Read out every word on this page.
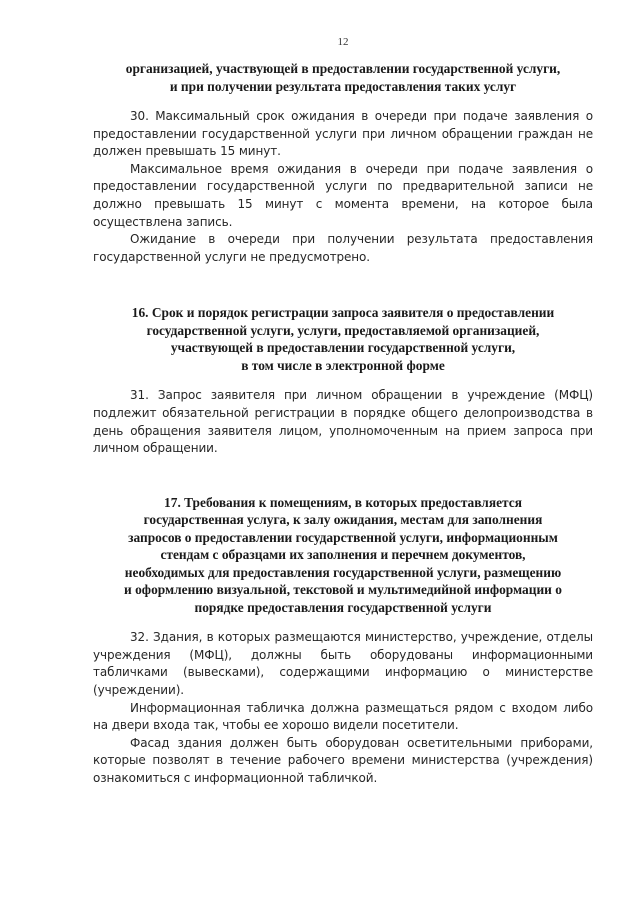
12
организацией, участвующей в предоставлении государственной услуги,
и при получении результата предоставления таких услуг

30. Максимальный срок ожидания в очереди при подаче заявления о предоставлении государственной услуги при личном обращении граждан не должен превышать 15 минут.

Максимальное время ожидания в очереди при подаче заявления о предоставлении государственной услуги по предварительной записи не должно превышать 15 минут с момента времени, на которое была осуществлена запись.

Ожидание в очереди при получении результата предоставления государственной услуги не предусмотрено.

16. Срок и порядок регистрации запроса заявителя о предоставлении
государственной услуги, услуги, предоставляемой организацией,
участвующей в предоставлении государственной услуги,
в том числе в электронной форме

31. Запрос заявителя при личном обращении в учреждение (МФЦ) подлежит обязательной регистрации в порядке общего делопроизводства в день обращения заявителя лицом, уполномоченным на прием запроса при личном обращении.

17. Требования к помещениям, в которых предоставляется
государственная услуга, к залу ожидания, местам для заполнения
запросов о предоставлении государственной услуги, информационным
стендам с образцами их заполнения и перечнем документов,
необходимых для предоставления государственной услуги, размещению
и оформлению визуальной, текстовой и мультимедийной информации о
порядке предоставления государственной услуги

32. Здания, в которых размещаются министерство, учреждение, отделы учреждения (МФЦ), должны быть оборудованы информационными табличками (вывесками), содержащими информацию о министерстве (учреждении).

Информационная табличка должна размещаться рядом с входом либо на двери входа так, чтобы ее хорошо видели посетители.

Фасад здания должен быть оборудован осветительными приборами, которые позволят в течение рабочего времени министерства (учреждения) ознакомиться с информационной табличкой.
